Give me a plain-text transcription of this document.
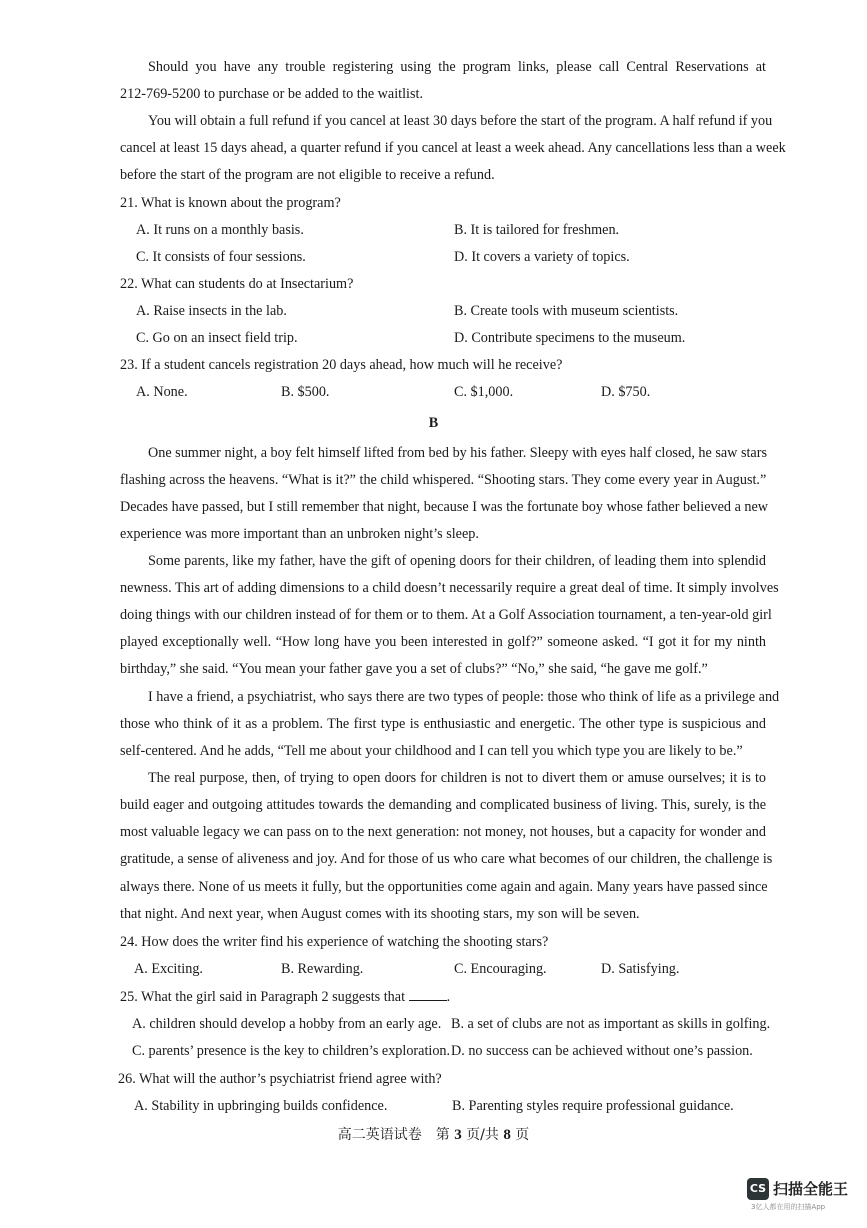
Should you have any trouble registering using the program links, please call Central Reservations at
212-769-5200 to purchase or be added to the waitlist.
You will obtain a full refund if you cancel at least 30 days before the start of the program. A half refund if you
cancel at least 15 days ahead, a quarter refund if you cancel at least a week ahead. Any cancellations less than a week
before the start of the program are not eligible to receive a refund.
21. What is known about the program?
A. It runs on a monthly basis.	B. It is tailored for freshmen.
C. It consists of four sessions.	D. It covers a variety of topics.
22. What can students do at Insectarium?
A. Raise insects in the lab.	B. Create tools with museum scientists.
C. Go on an insect field trip.	D. Contribute specimens to the museum.
23. If a student cancels registration 20 days ahead, how much will he receive?
A. None.	B. $500.	C. $1,000.	D. $750.
B
One summer night, a boy felt himself lifted from bed by his father. Sleepy with eyes half closed, he saw stars
flashing across the heavens. “What is it?” the child whispered. “Shooting stars. They come every year in August.”
Decades have passed, but I still remember that night, because I was the fortunate boy whose father believed a new
experience was more important than an unbroken night’s sleep.
Some parents, like my father, have the gift of opening doors for their children, of leading them into splendid
newness. This art of adding dimensions to a child doesn’t necessarily require a great deal of time. It simply involves
doing things with our children instead of for them or to them. At a Golf Association tournament, a ten-year-old girl
played exceptionally well. “How long have you been interested in golf?” someone asked. “I got it for my ninth
birthday,” she said. “You mean your father gave you a set of clubs?” “No,” she said, “he gave me golf.”
I have a friend, a psychiatrist, who says there are two types of people: those who think of life as a privilege and
those who think of it as a problem. The first type is enthusiastic and energetic. The other type is suspicious and
self-centered. And he adds, “Tell me about your childhood and I can tell you which type you are likely to be.”
The real purpose, then, of trying to open doors for children is not to divert them or amuse ourselves; it is to
build eager and outgoing attitudes towards the demanding and complicated business of living. This, surely, is the
most valuable legacy we can pass on to the next generation: not money, not houses, but a capacity for wonder and
gratitude, a sense of aliveness and joy. And for those of us who care what becomes of our children, the challenge is
always there. None of us meets it fully, but the opportunities come again and again. Many years have passed since
that night. And next year, when August comes with its shooting stars, my son will be seven.
24. How does the writer find his experience of watching the shooting stars?
A. Exciting.	B. Rewarding.	C. Encouraging.	D. Satisfying.
25. What the girl said in Paragraph 2 suggests that	.
A. children should develop a hobby from an early age. B. a set of clubs are not as important as skills in golfing.
C. parents’ presence is the key to children’s exploration. D. no success can be achieved without one’s passion.
26. What will the author’s psychiatrist friend agree with?
A. Stability in upbringing builds confidence.	B. Parenting styles require professional guidance.
高二英语试卷　第 3 页/共 8 页
CS 扫描全能王
3亿人都在用的扫描App
